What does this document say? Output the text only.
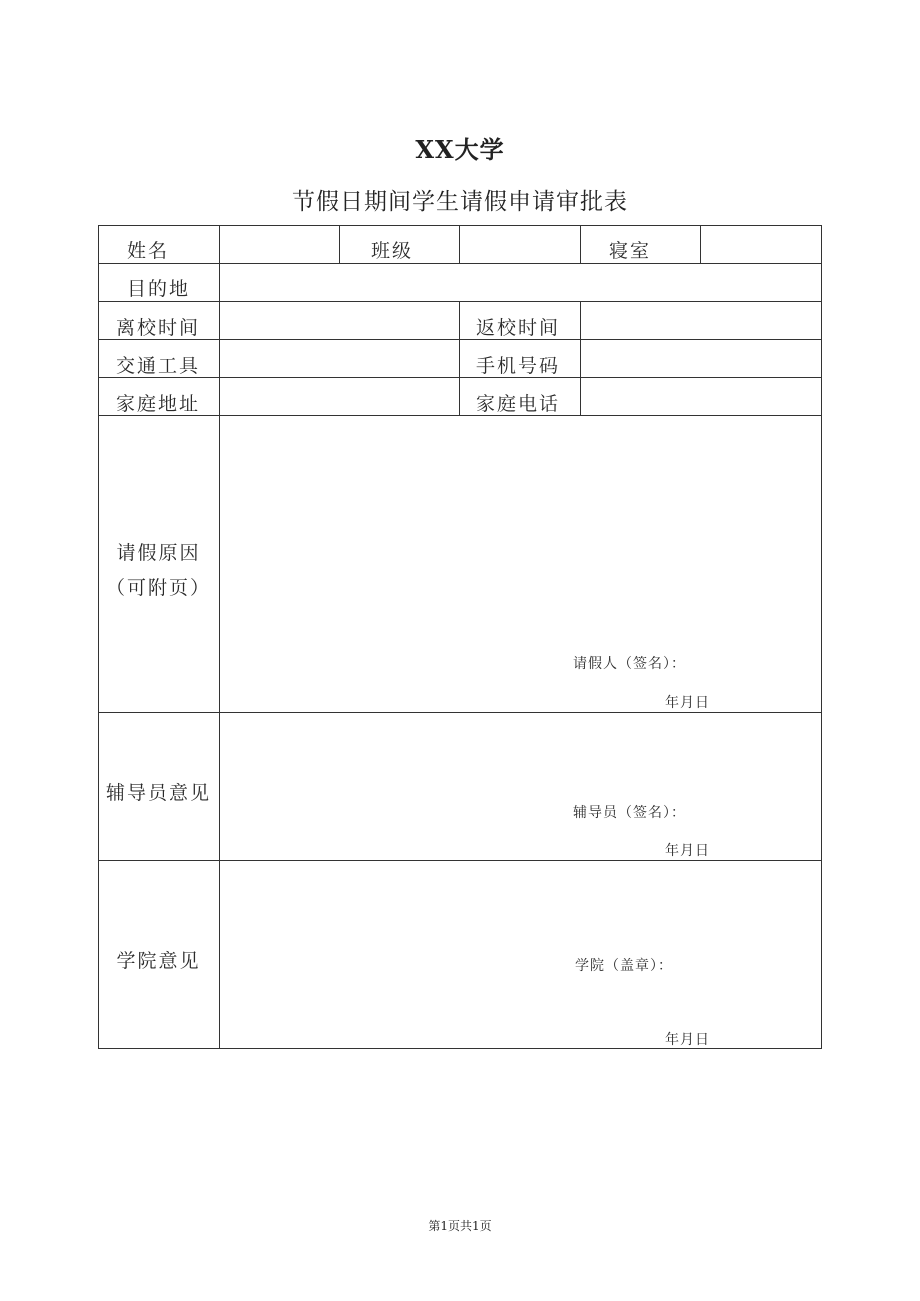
XX大学
节假日期间学生请假申请审批表
姓名	班级	寝室
目的地
离校时间	返校时间
交通工具	手机号码
家庭地址	家庭电话
请假原因
（可附页）
请假人（签名）：
年月日
辅导员意见
辅导员（签名）：
年月日
学院意见	学院（盖章）：
年月日
第1页共1页
